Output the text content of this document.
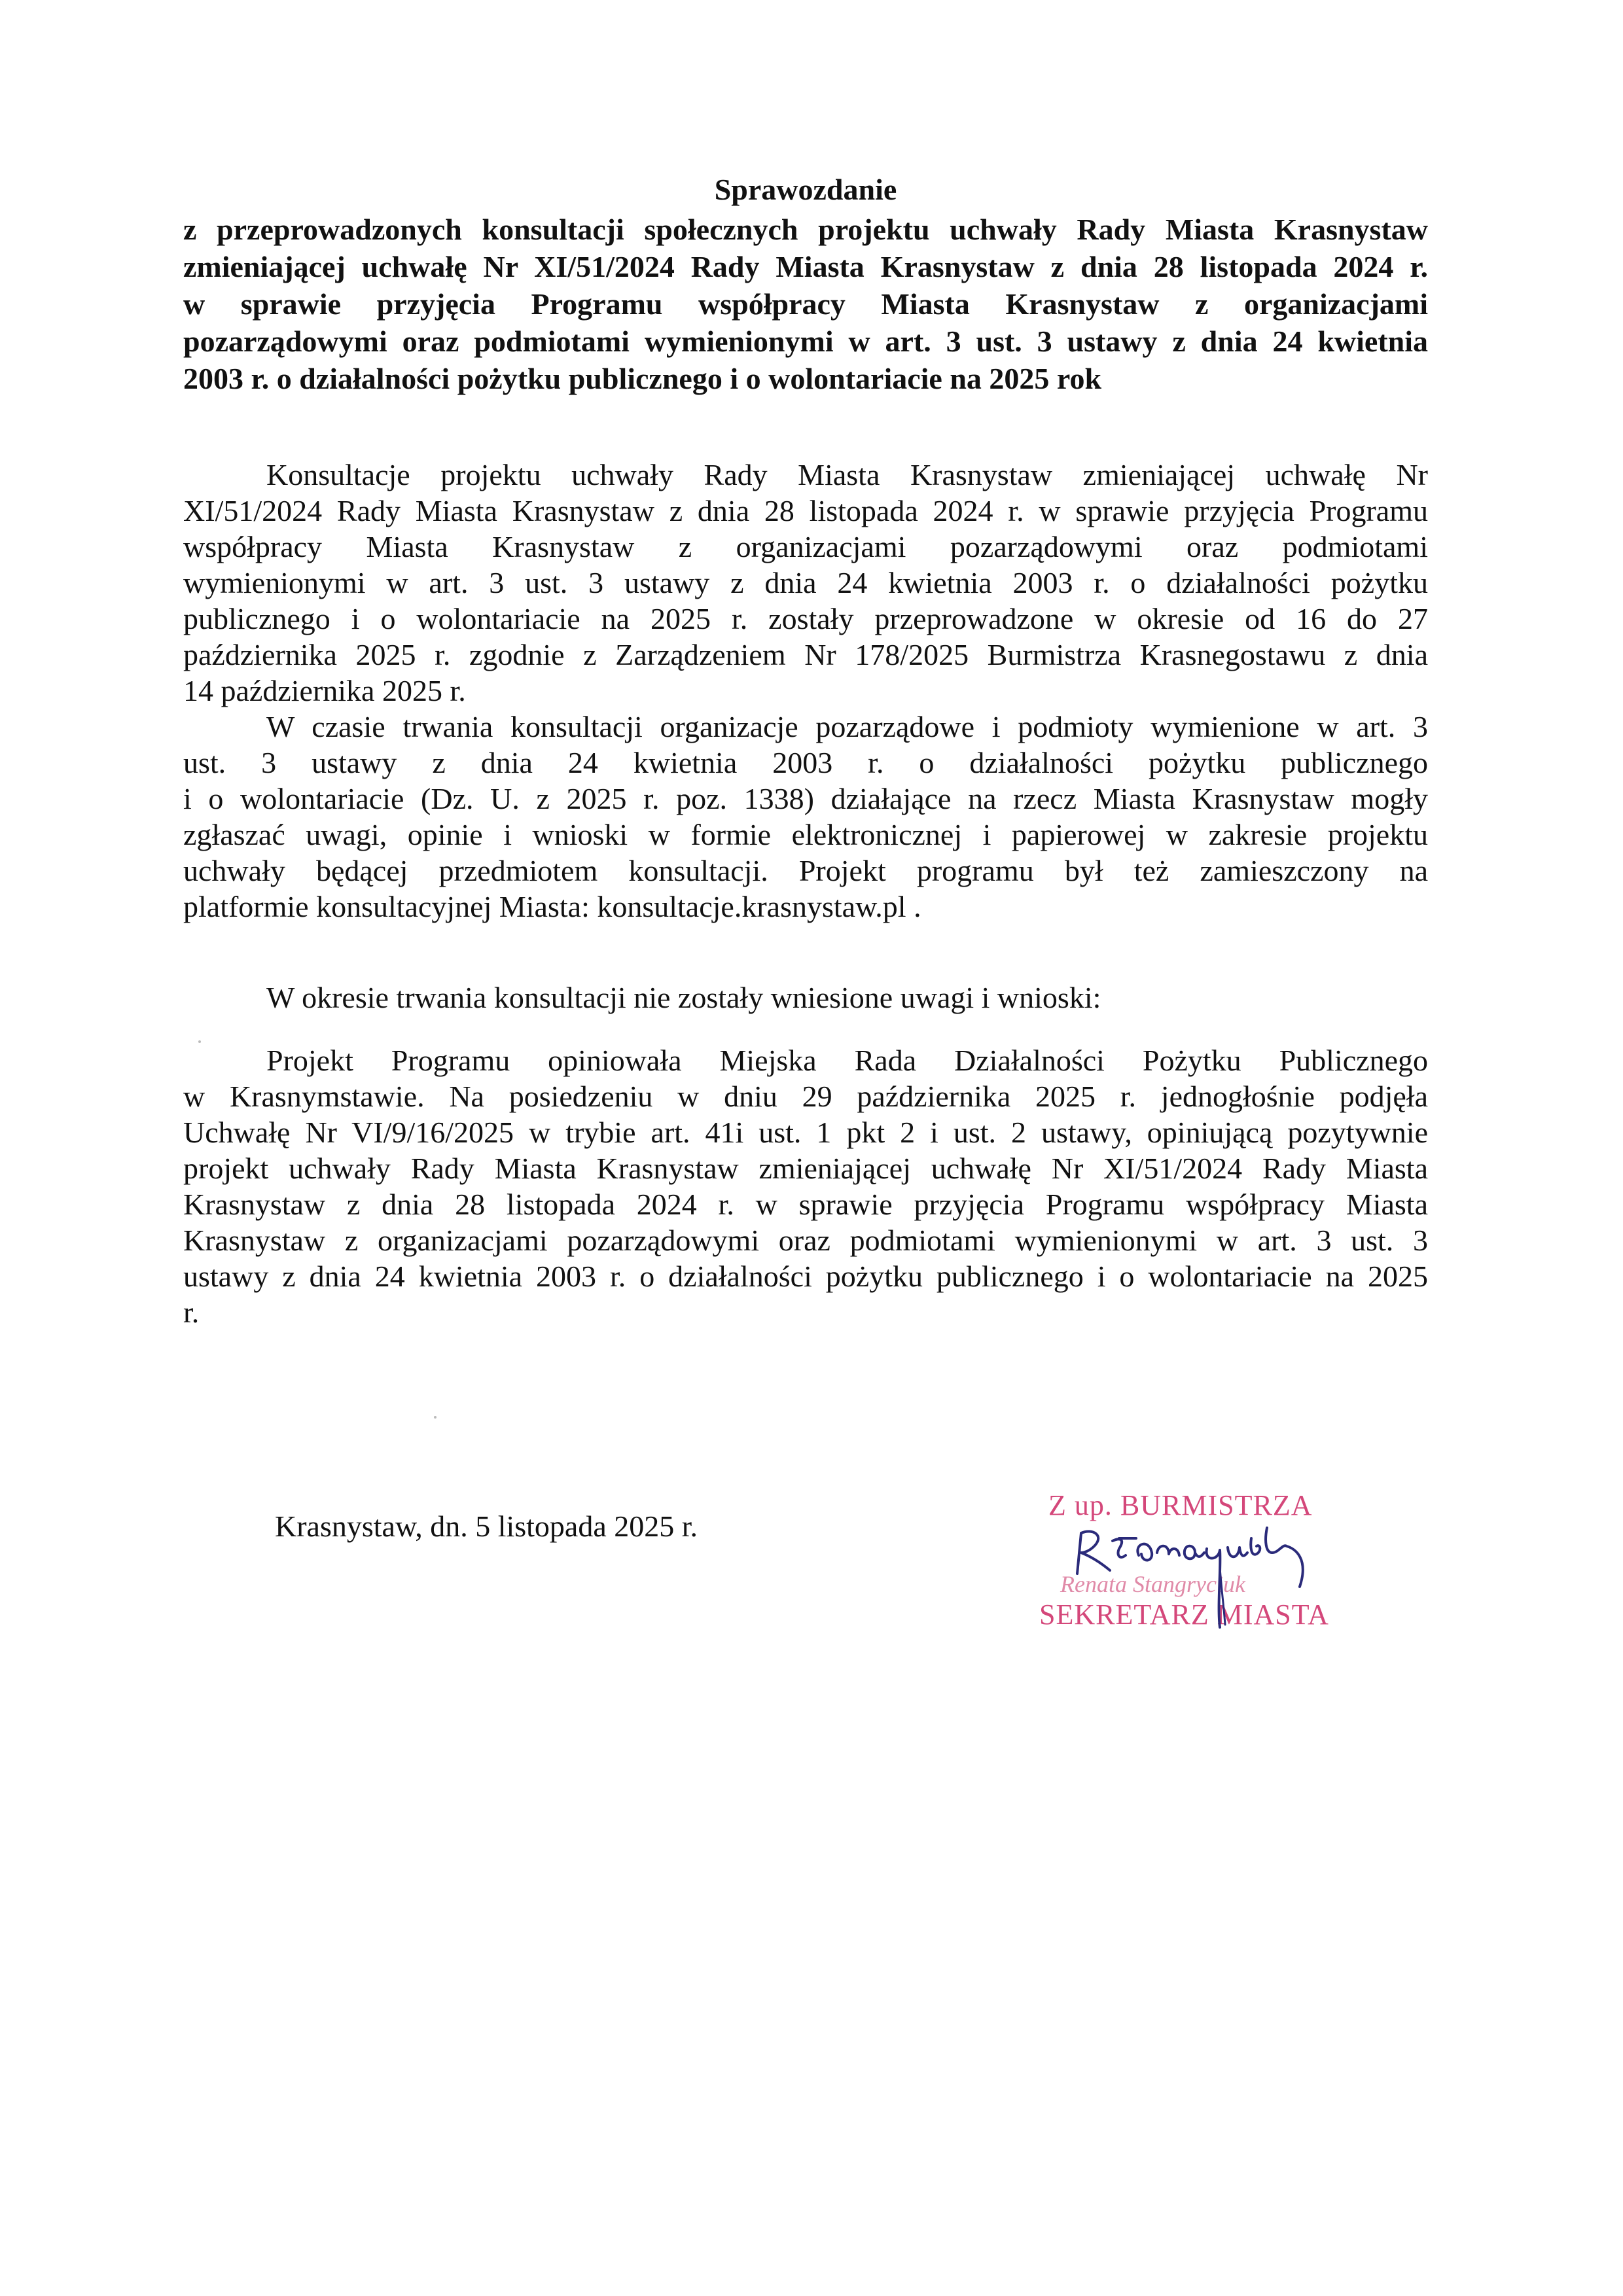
Sprawozdanie
z przeprowadzonych konsultacji społecznych projektu uchwały Rady Miasta Krasnystaw
zmieniającej uchwałę Nr XI/51/2024 Rady Miasta Krasnystaw z dnia 28 listopada 2024 r.
w sprawie przyjęcia Programu współpracy Miasta Krasnystaw z organizacjami
pozarządowymi oraz podmiotami wymienionymi w art. 3 ust. 3 ustawy z dnia 24 kwietnia
2003 r. o działalności pożytku publicznego i o wolontariacie na 2025 rok
Konsultacje projektu uchwały Rady Miasta Krasnystaw zmieniającej uchwałę Nr
XI/51/2024 Rady Miasta Krasnystaw z dnia 28 listopada 2024 r. w sprawie przyjęcia Programu
współpracy Miasta Krasnystaw z organizacjami pozarządowymi oraz podmiotami
wymienionymi w art. 3 ust. 3 ustawy z dnia 24 kwietnia 2003 r. o działalności pożytku
publicznego i o wolontariacie na 2025 r. zostały przeprowadzone w okresie od 16 do 27
października 2025 r. zgodnie z Zarządzeniem Nr 178/2025 Burmistrza Krasnegostawu z dnia
14 października 2025 r.
W czasie trwania konsultacji organizacje pozarządowe i podmioty wymienione w art. 3
ust. 3 ustawy z dnia 24 kwietnia 2003 r. o działalności pożytku publicznego
i o wolontariacie (Dz. U. z 2025 r. poz. 1338) działające na rzecz Miasta Krasnystaw mogły
zgłaszać uwagi, opinie i wnioski w formie elektronicznej i papierowej w zakresie projektu
uchwały będącej przedmiotem konsultacji. Projekt programu był też zamieszczony na
platformie konsultacyjnej Miasta: konsultacje.krasnystaw.pl .
W okresie trwania konsultacji nie zostały wniesione uwagi i wnioski:
Projekt Programu opiniowała Miejska Rada Działalności Pożytku Publicznego
w Krasnymstawie. Na posiedzeniu w dniu 29 października 2025 r. jednogłośnie podjęła
Uchwałę Nr VI/9/16/2025 w trybie art. 41i ust. 1 pkt 2 i ust. 2 ustawy, opiniującą pozytywnie
projekt uchwały Rady Miasta Krasnystaw zmieniającej uchwałę Nr XI/51/2024 Rady Miasta
Krasnystaw z dnia 28 listopada 2024 r. w sprawie przyjęcia Programu współpracy Miasta
Krasnystaw z organizacjami pozarządowymi oraz podmiotami wymienionymi w art. 3 ust. 3
ustawy z dnia 24 kwietnia 2003 r. o działalności pożytku publicznego i o wolontariacie na 2025
r.
Krasnystaw, dn. 5 listopada 2025 r.
Z up. BURMISTRZA
Renata Stangryciuk
SEKRETARZ MIASTA
